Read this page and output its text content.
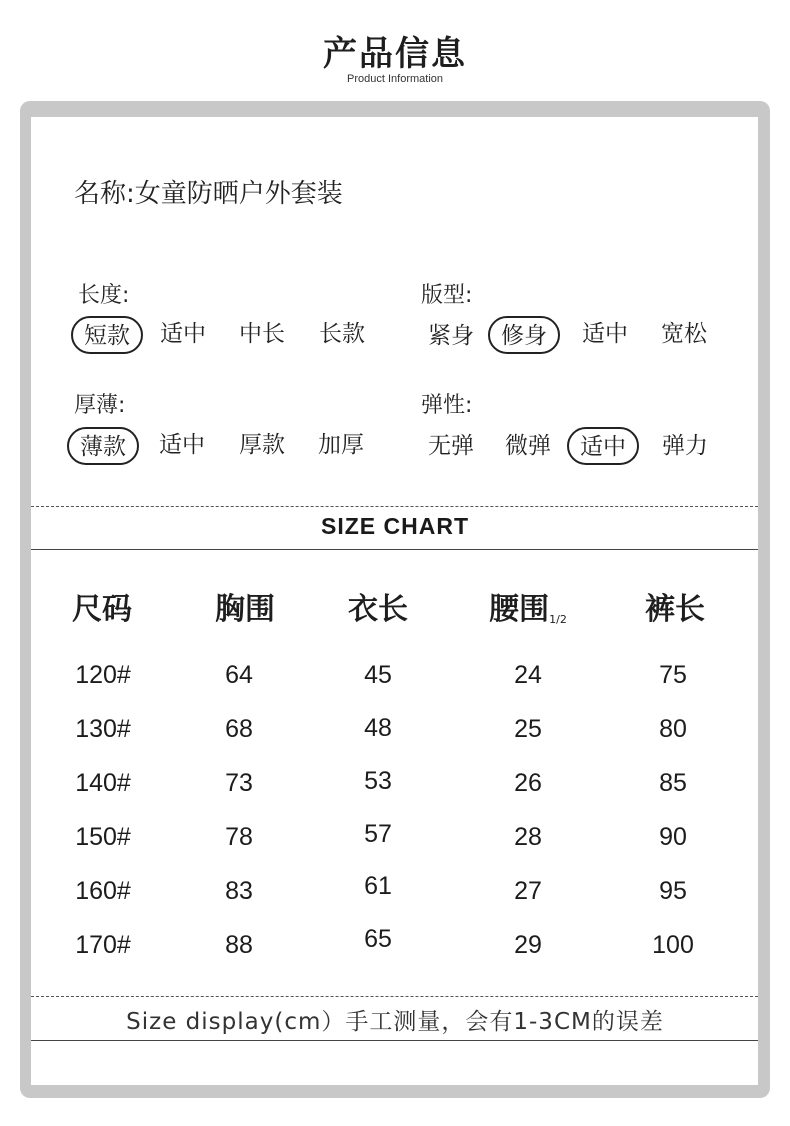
产品信息
Product Information
名称:女童防晒户外套装
长度:
短款	适中	中长	长款
版型:
紧身	修身	适中	宽松
厚薄:
薄款	适中	厚款	加厚
弹性:
无弹	微弹	适中	弹力
SIZE CHART
尺码	胸围	衣长	腰围$_{1/2}$	裤长
120#	64	45	24	75
130#	68	48	25	80
140#	73	53	26	85
150#	78	57	28	90
160#	83	61	27	95
170#	88	65	29	100
Size display(cm）手工测量，会有1-3CM的误差
